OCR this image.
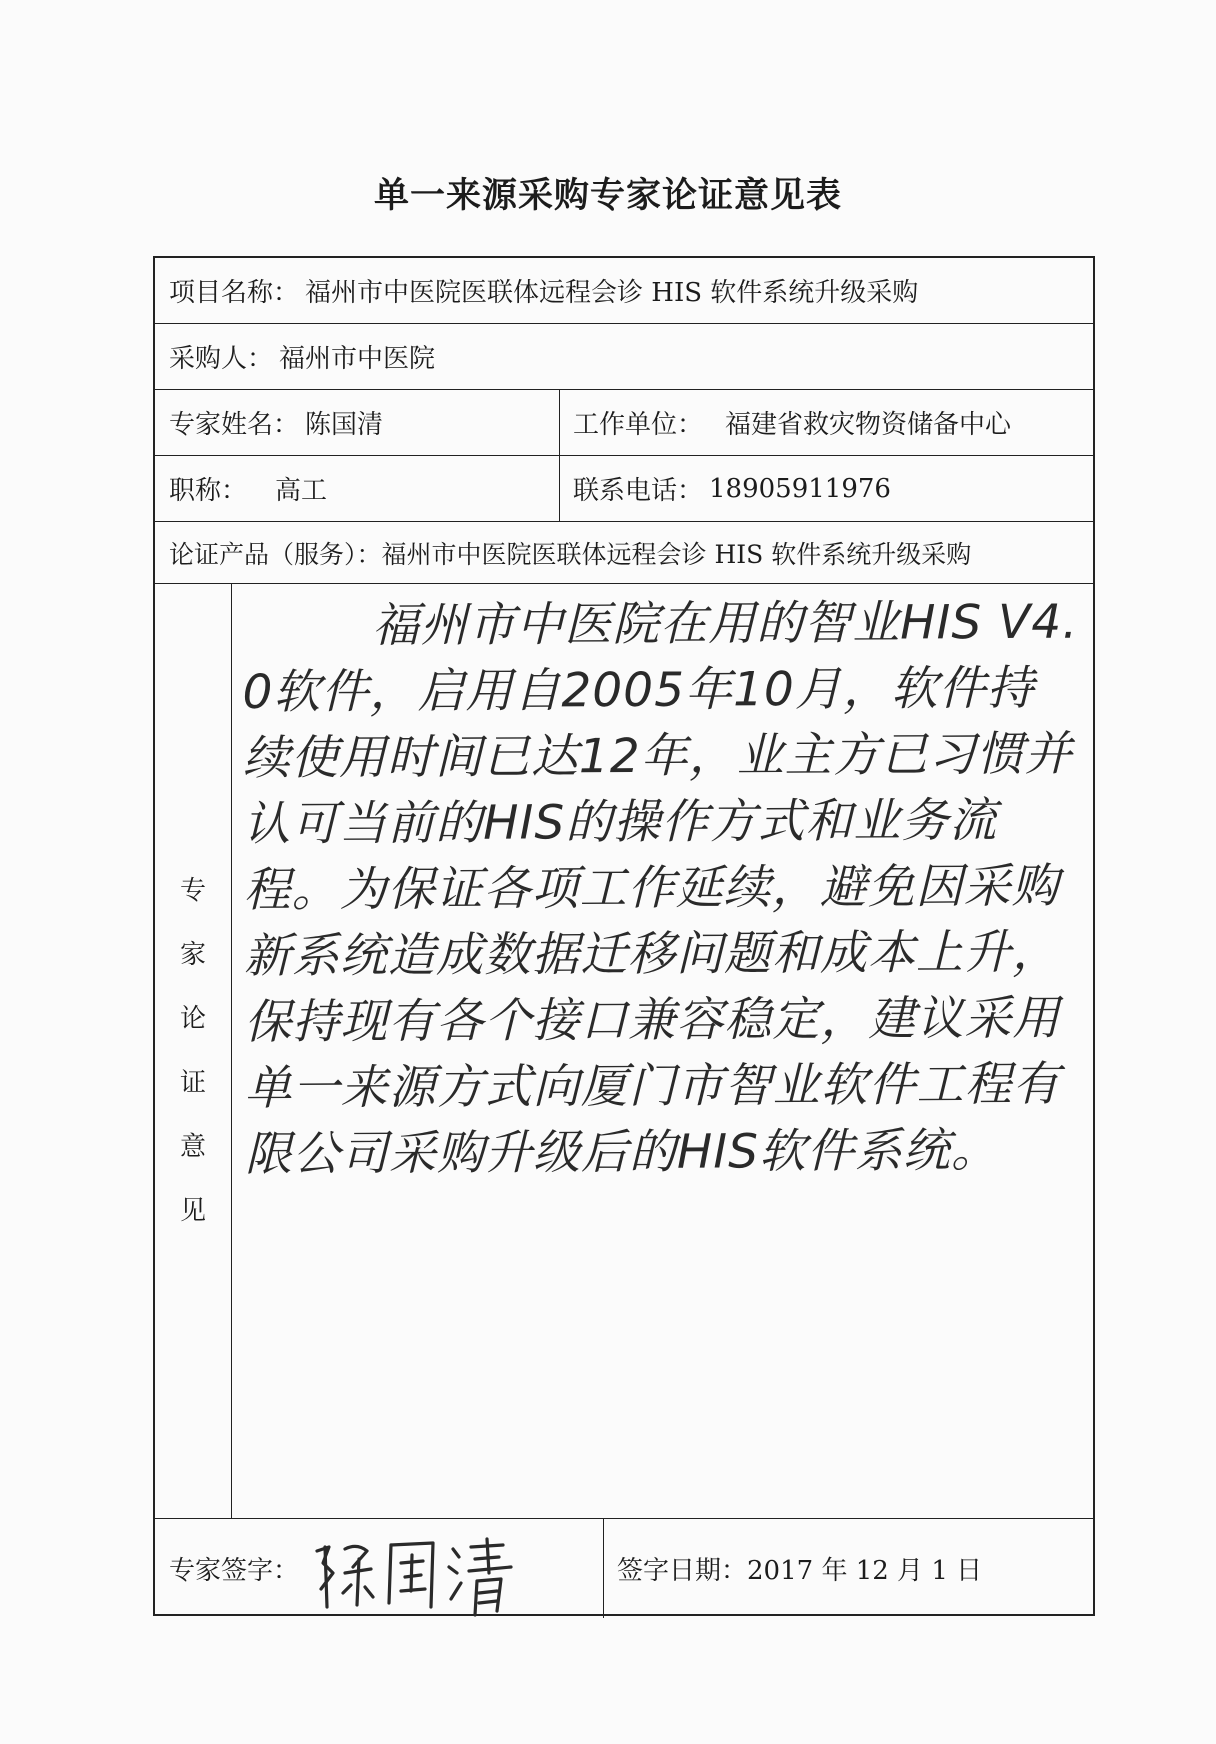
单一来源采购专家论证意见表
项目名称： 福州市中医院医联体远程会诊 HIS 软件系统升级采购
采购人： 福州市中医院
专家姓名： 陈国清	工作单位： 福建省救灾物资储备中心
职称： 高工	联系电话： 18905911976
论证产品（服务）： 福州市中医院医联体远程会诊 HIS 软件系统升级采购
专
家
论
证
意
见
福州市中医院在用的智业HIS V4.0软件，启用自2005年10月，软件持续使用时间已达12年，业主方已习惯并认可当前的HIS的操作方式和业务流程。为保证各项工作延续，避免因采购新系统造成数据迁移问题和成本上升，保持现有各个接口兼容稳定，建议采用单一来源方式向厦门市智业软件工程有限公司采购升级后的HIS软件系统。
专家签字：	签字日期： 2017 年 12 月 1 日
